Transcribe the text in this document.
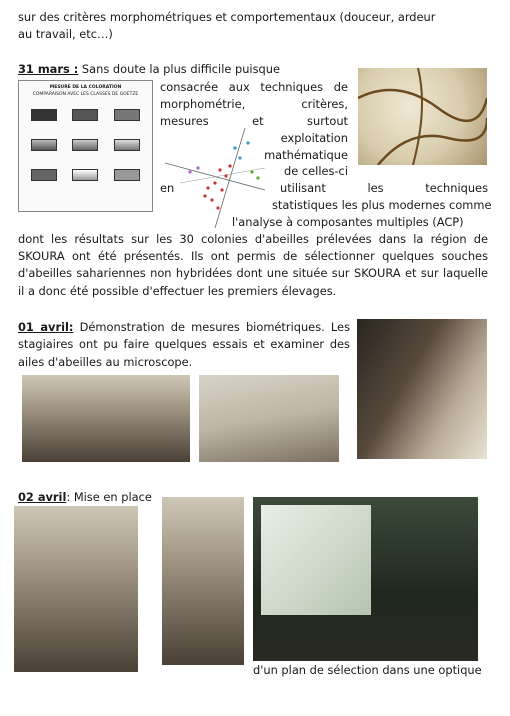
sur des critères morphométriques et comportementaux (douceur, ardeur
au travail, etc…)
31 mars : Sans doute la plus difficile puisque
MESURE DE LA COLORATION
COMPARAISON AVEC LES CLASSES DE GOETZE
consacrée aux techniques de
morphométrie,	critères,
mesures et	surtout
exploitation
mathématique
de celles-ci
en	utilisant	les	techniques
statistiques les plus modernes comme
l'analyse à composantes multiples (ACP)
dont les résultats sur les 30 colonies d'abeilles prélevées dans la région de
SKOURA ont été présentés. Ils ont permis de sélectionner quelques souches
d'abeilles sahariennes non hybridées dont une située sur SKOURA et sur laquelle
il a donc été possible d'effectuer les premiers élevages.
01 avril: Démonstration de mesures biométriques. Les
stagiaires ont pu faire quelques essais et examiner des
ailes d'abeilles au microscope.
02 avril: Mise en place
d'un plan de sélection dans une optique
